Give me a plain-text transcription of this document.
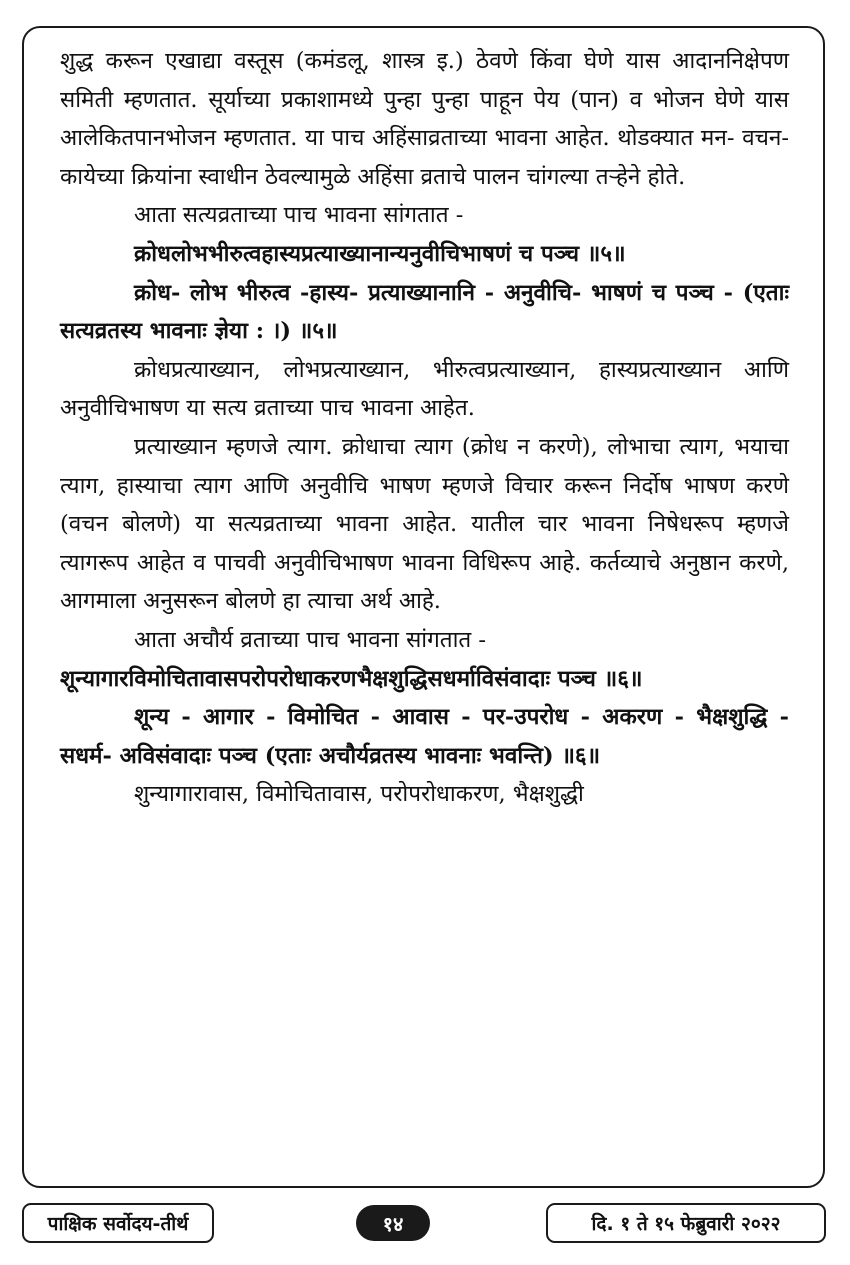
शुद्ध करून एखाद्या वस्तूस (कमंडलू, शास्त्र इ.) ठेवणे किंवा घेणे यास आदाननिक्षेपण समिती म्हणतात. सूर्याच्या प्रकाशामध्ये पुन्हा पुन्हा पाहून पेय (पान) व भोजन घेणे यास आलेकितपानभोजन म्हणतात. या पाच अहिंसाव्रताच्या भावना आहेत. थोडक्यात मन- वचन- कायेच्या क्रियांना स्वाधीन ठेवल्यामुळे अहिंसा व्रताचे पालन चांगल्या तऱ्हेने होते.

आता सत्यव्रताच्या पाच भावना सांगतात -

क्रोधलोभभीरुत्वहास्यप्रत्याख्यानान्यनुवीचिभाषणं च पञ्च ॥५॥

क्रोध- लोभ भीरुत्व -हास्य- प्रत्याख्यानानि - अनुवीचि- भाषणं च पञ्च - (एताः सत्यव्रतस्य भावनाः ज्ञेया : ।) ॥५॥

क्रोधप्रत्याख्यान, लोभप्रत्याख्यान, भीरुत्वप्रत्याख्यान, हास्यप्रत्याख्यान आणि अनुवीचिभाषण या सत्य व्रताच्या पाच भावना आहेत.

प्रत्याख्यान म्हणजे त्याग. क्रोधाचा त्याग (क्रोध न करणे), लोभाचा त्याग, भयाचा त्याग, हास्याचा त्याग आणि अनुवीचि भाषण म्हणजे विचार करून निर्दोष भाषण करणे (वचन बोलणे) या सत्यव्रताच्या भावना आहेत. यातील चार भावना निषेधरूप म्हणजे त्यागरूप आहेत व पाचवी अनुवीचिभाषण भावना विधिरूप आहे. कर्तव्याचे अनुष्ठान करणे, आगमाला अनुसरून बोलणे हा त्याचा अर्थ आहे.

आता अचौर्य व्रताच्या पाच भावना सांगतात -

शून्यागारविमोचितावासपरोपरोधाकरणभैक्षशुद्धिसधर्माविसंवादाः पञ्च ॥६॥

शून्य - आगार - विमोचित - आवास - पर-उपरोध - अकरण - भैक्षशुद्धि - सधर्म- अविसंवादाः पञ्च (एताः अचौर्यव्रतस्य भावनाः भवन्ति) ॥६॥

शुन्यागारावास, विमोचितावास, परोपरोधाकरण, भैक्षशुद्धी

पाक्षिक सर्वोदय-तीर्थ	१४	दि. १ ते १५ फेब्रुवारी २०२२
